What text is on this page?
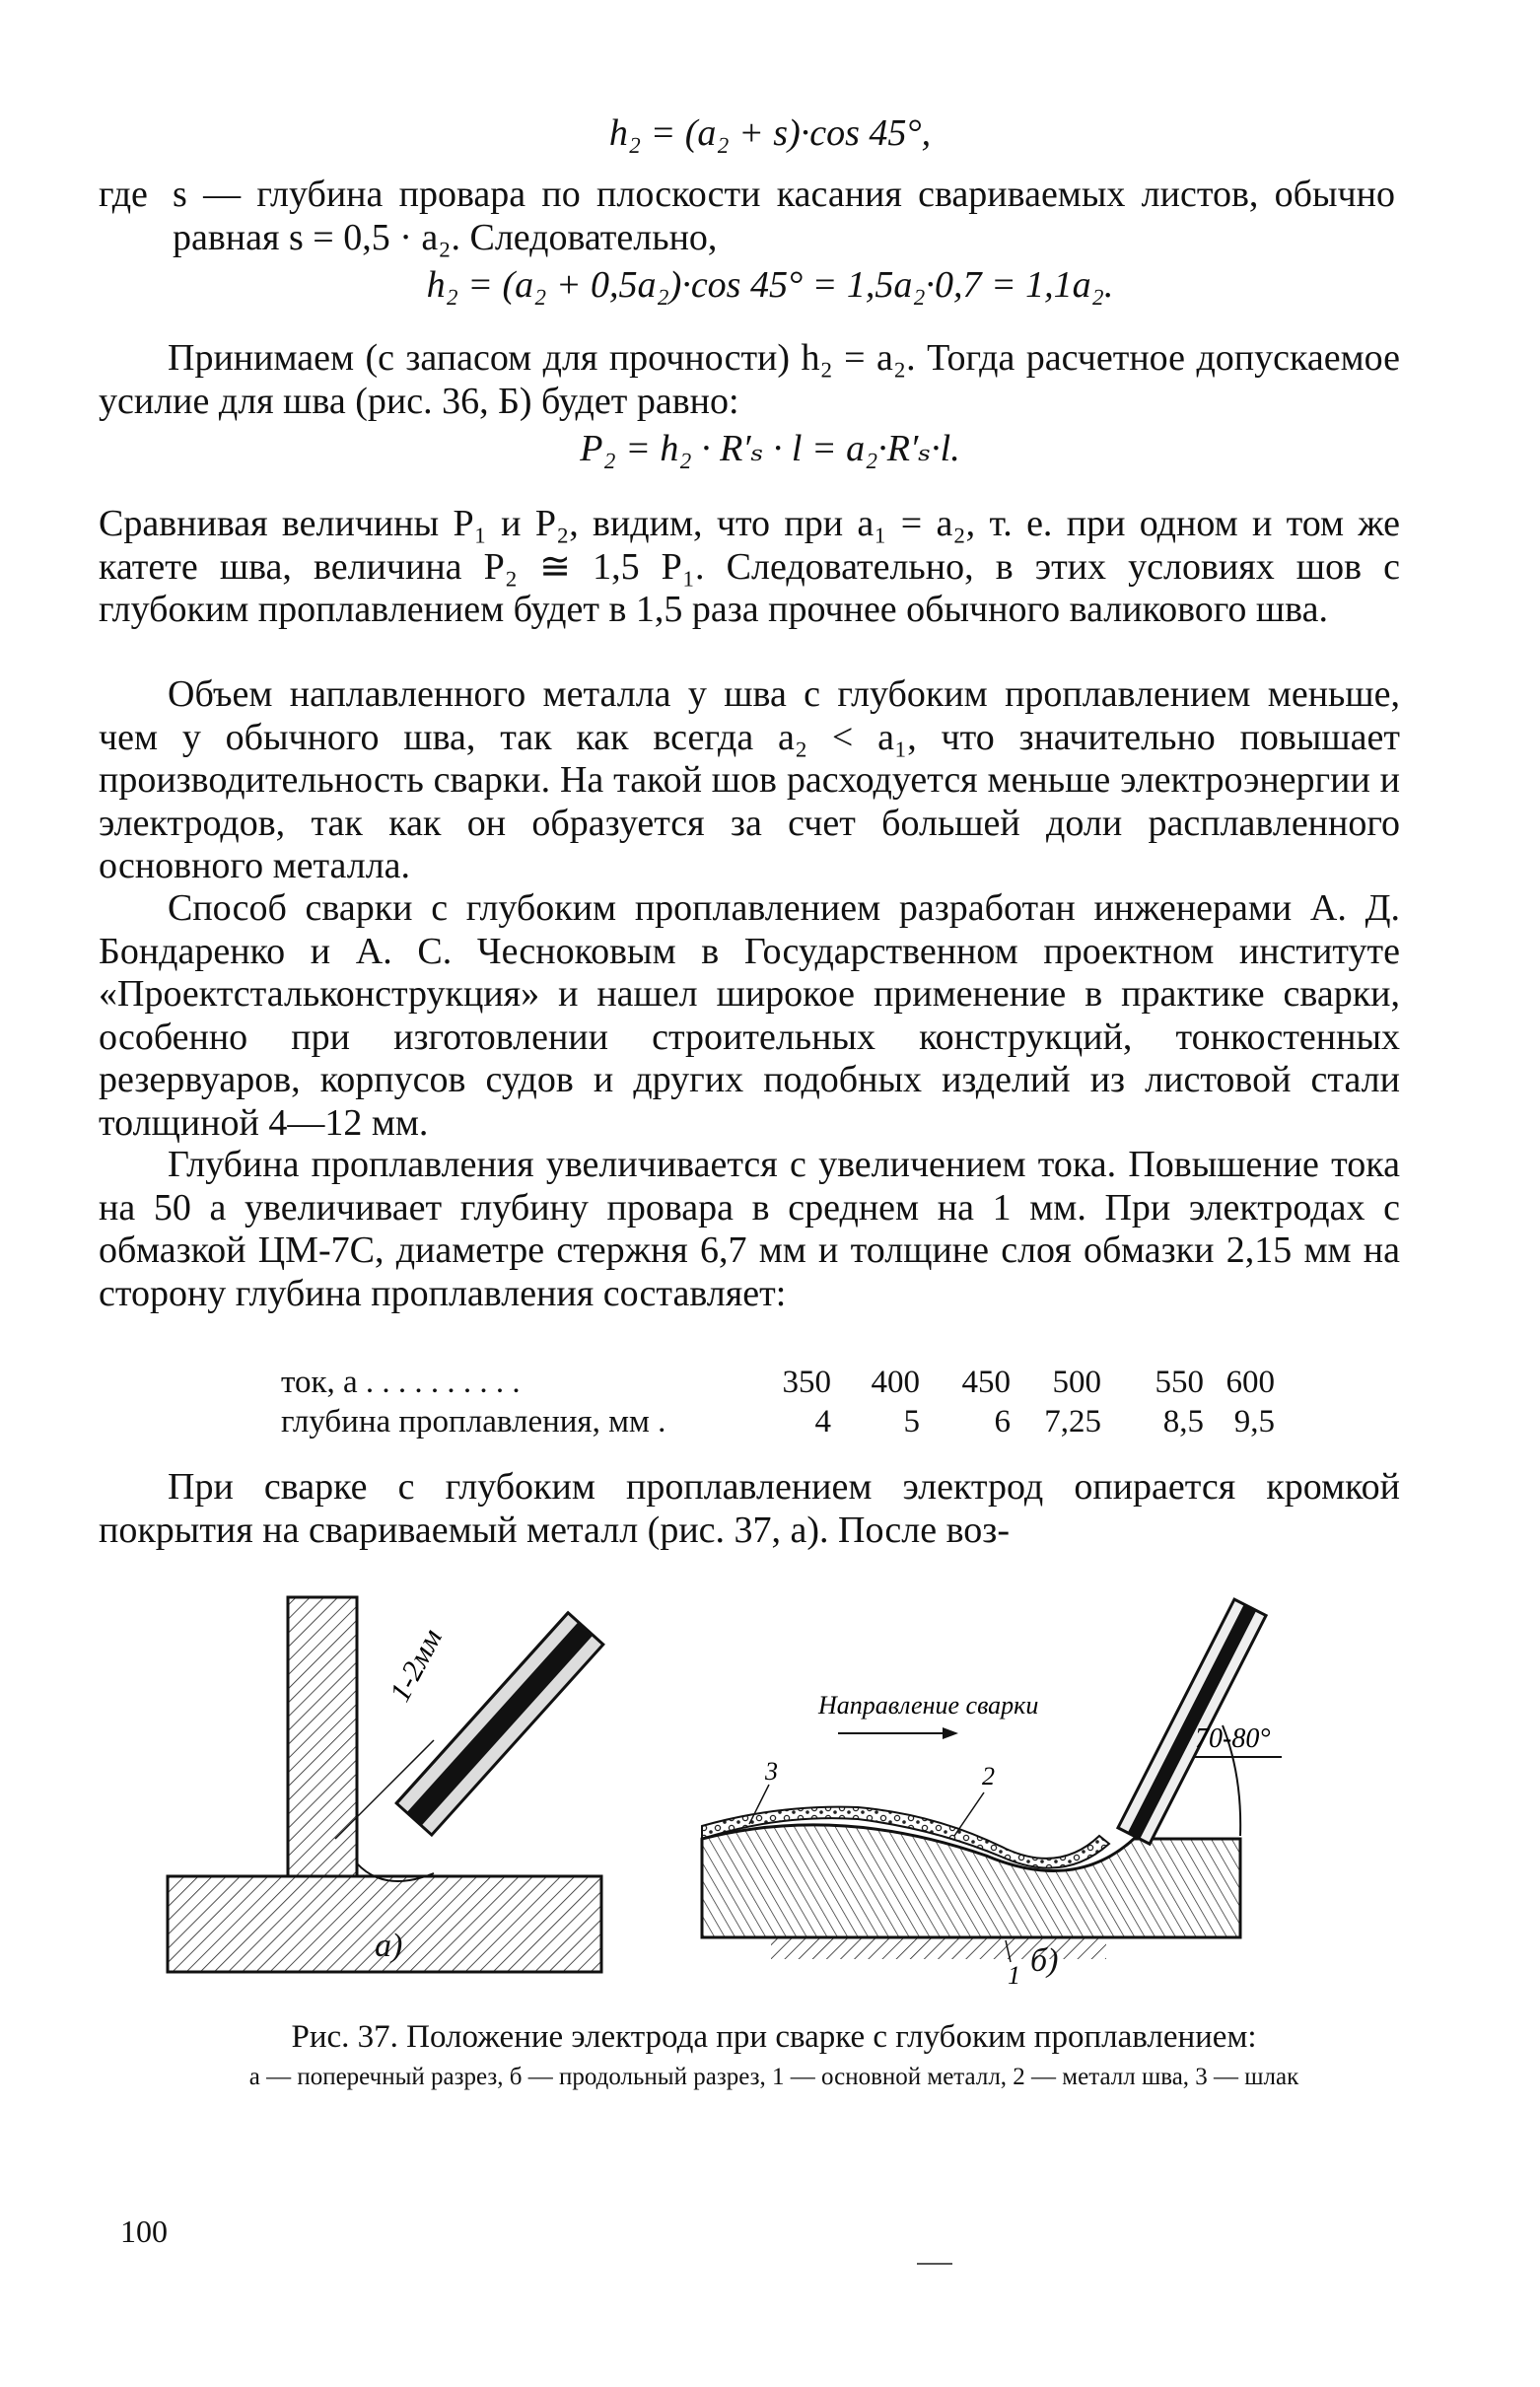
h₂ = (a₂ + s)·cos 45°,
где s — глубина провара по плоскости касания свариваемых листов, обычно равная s = 0,5 · a₂. Следовательно,

h₂ = (a₂ + 0,5a₂)·cos 45° = 1,5a₂·0,7 = 1,1a₂.

Принимаем (с запасом для прочности) h₂ = a₂. Тогда расчетное допускаемое усилие для шва (рис. 36, Б) будет равно:

P₂ = h₂ · R′ₛ · l = a₂·R′ₛ·l.

Сравнивая величины P₁ и P₂, видим, что при a₁ = a₂, т. е. при одном и том же катете шва, величина P₂ ≅ 1,5 P₁. Следовательно, в этих условиях шов с глубоким проплавлением будет в 1,5 раза прочнее обычного валикового шва.

Объем наплавленного металла у шва с глубоким проплавлением меньше, чем у обычного шва, так как всегда a₂ < a₁, что значительно повышает производительность сварки. На такой шов расходуется меньше электроэнергии и электродов, так как он образуется за счет большей доли расплавленного основного металла.

Способ сварки с глубоким проплавлением разработан инженерами А. Д. Бондаренко и А. С. Чесноковым в Государственном проектном институте «Проектстальконструкция» и нашел широкое применение в практике сварки, особенно при изготовлении строительных конструкций, тонкостенных резервуаров, корпусов судов и других подобных изделий из листовой стали толщиной 4—12 мм.

Глубина проплавления увеличивается с увеличением тока. Повышение тока на 50 а увеличивает глубину провара в среднем на 1 мм. При электродах с обмазкой ЦМ-7С, диаметре стержня 6,7 мм и толщине слоя обмазки 2,15 мм на сторону глубина проплавления составляет:

ток, а . . . . . . . . . .	350	400	450	500	550	600
глубина проплавления, мм .	4	5	6	7,25	8,5	9,5

При сварке с глубоким проплавлением электрод опирается кромкой покрытия на свариваемый металл (рис. 37, а). После воз-

1-2мм	Направление сварки
70-80°
3	2
1
а)	б)
Рис. 37. Положение электрода при сварке с глубоким проплавлением:
а — поперечный разрез, б — продольный разрез, 1 — основной металл, 2 — металл шва, 3 — шлак
100
